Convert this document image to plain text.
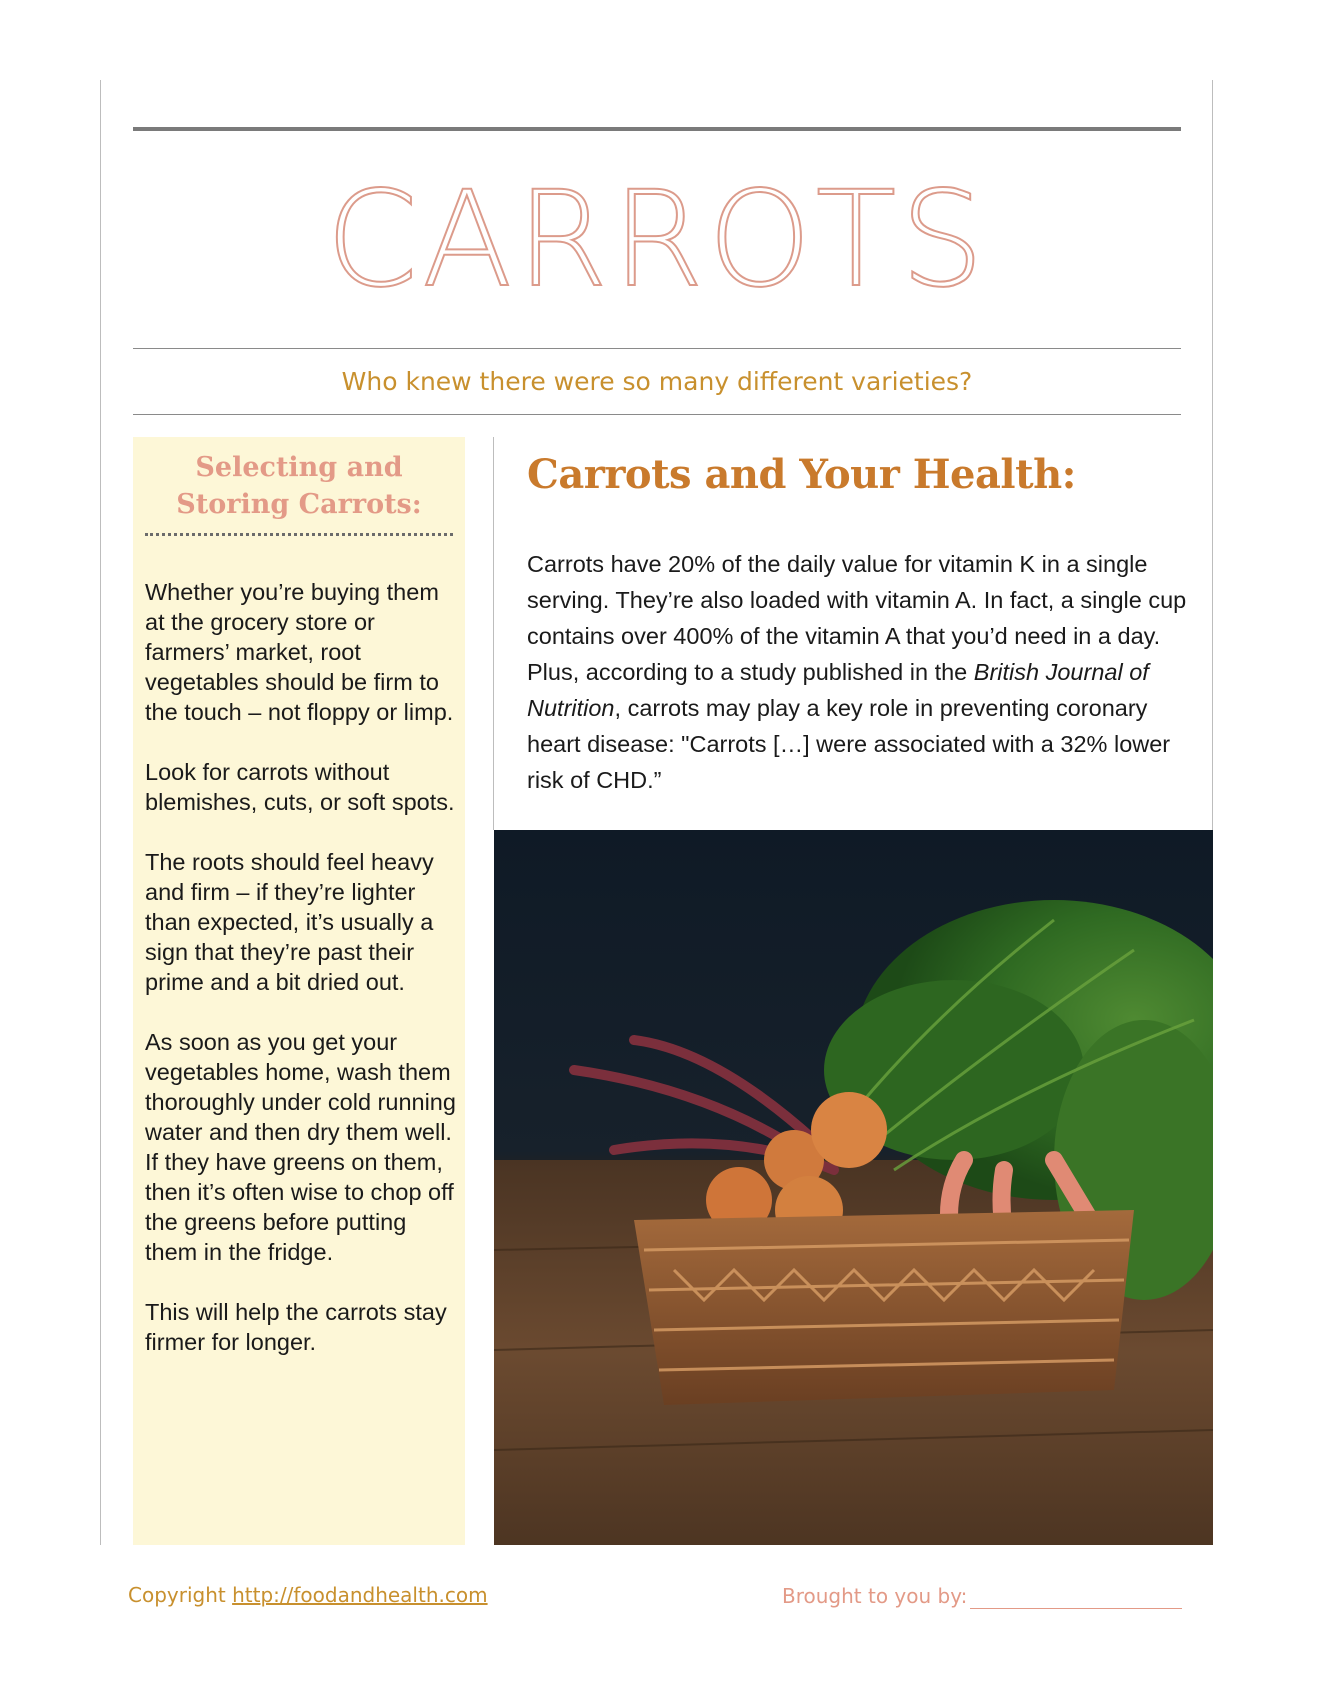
CARROTS

Who knew there were so many different varieties?

Selecting and
Storing Carrots:

Whether you’re buying them at the grocery store or farmers’ market, root vegetables should be firm to the touch – not floppy or limp.

Look for carrots without blemishes, cuts, or soft spots.

The roots should feel heavy and firm – if they’re lighter than expected, it’s usually a sign that they’re past their prime and a bit dried out.

As soon as you get your vegetables home, wash them thoroughly under cold running water and then dry them well.

If they have greens on them, then it’s often wise to chop off the greens before putting them in the fridge.

This will help the carrots stay firmer for longer.

Carrots and Your Health:

Carrots have 20% of the daily value for vitamin K in a single serving. They’re also loaded with vitamin A. In fact, a single cup contains over 400% of the vitamin A that you’d need in a day. Plus, according to a study published in the British Journal of Nutrition, carrots may play a key role in preventing coronary heart disease: "Carrots […] were associated with a 32% lower risk of CHD.”

Copyright http://foodandhealth.com	Brought to you by:
